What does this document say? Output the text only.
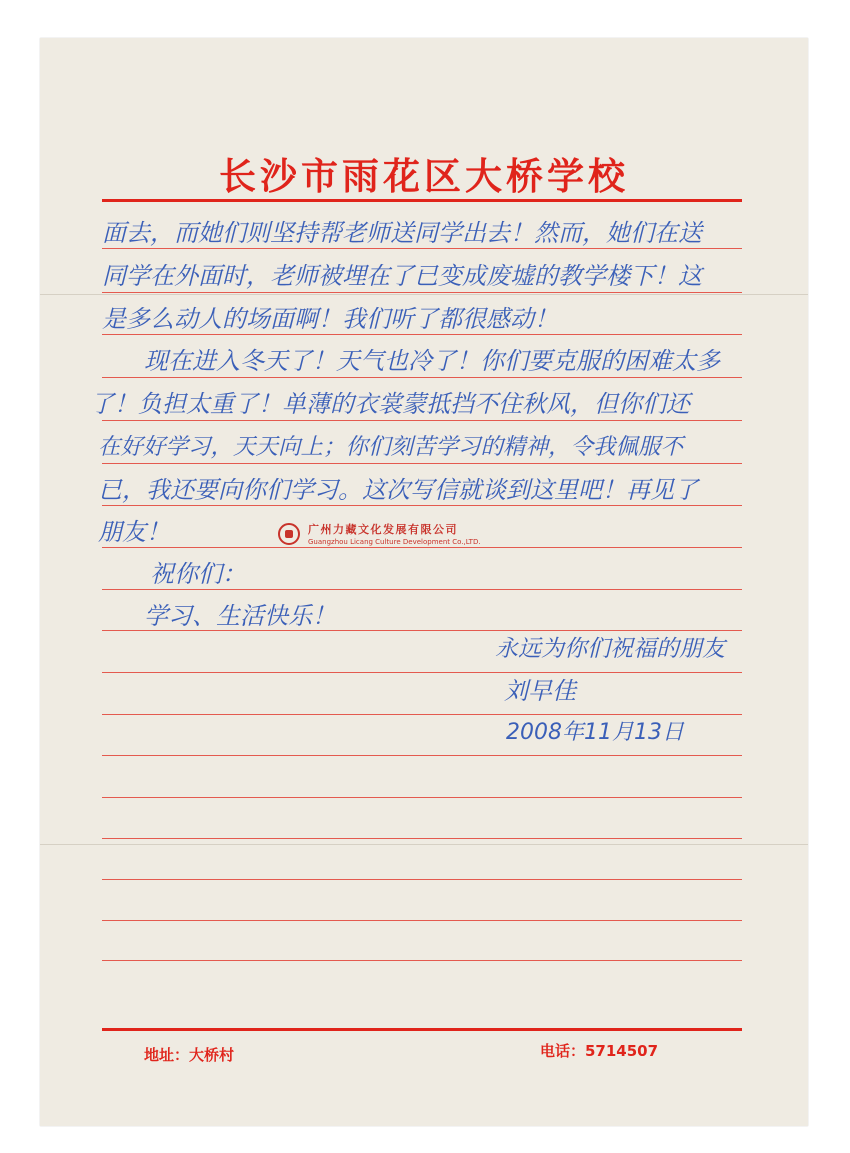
长沙市雨花区大桥学校
面去，而她们则坚持帮老师送同学出去！然而，她们在送
同学在外面时，老师被埋在了已变成废墟的教学楼下！这
是多么动人的场面啊！我们听了都很感动！
现在进入冬天了！天气也冷了！你们要克服的困难太多
了！负担太重了！单薄的衣裳蒙抵挡不住秋风，但你们还
在好好学习，天天向上；你们刻苦学习的精神，令我佩服不
已，我还要向你们学习。这次写信就谈到这里吧！再见了
朋友！
祝你们：
学习、生活快乐！
永远为你们祝福的朋友
刘早佳
2008年11月13日
地址：大桥村	电话：5714507
广州力藏文化发展有限公司
Guangzhou Licang Culture Development Co.,LTD.
